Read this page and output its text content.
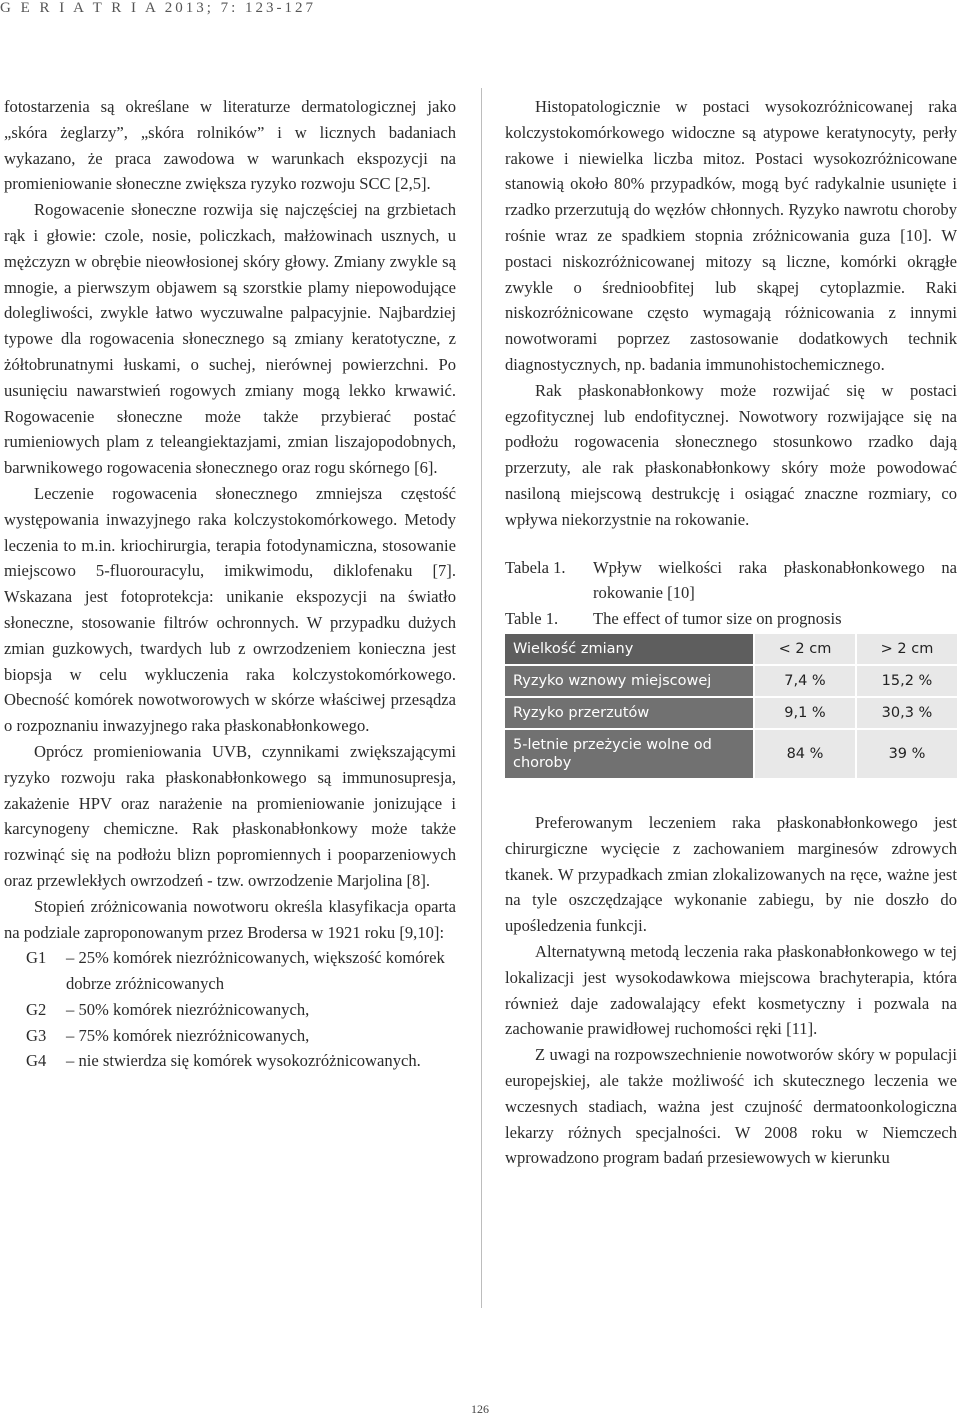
G E R I A T R I A 2013; 7: 123-127

fotostarzenia są określane w literaturze dermatologicznej jako „skóra żeglarzy”, „skóra rolników” i w licznych badaniach wykazano, że praca zawodowa w warunkach ekspozycji na promieniowanie słoneczne zwiększa ryzyko rozwoju SCC [2,5].

Rogowacenie słoneczne rozwija się najczęściej na grzbietach rąk i głowie: czole, nosie, policzkach, małżowinach usznych, u mężczyzn w obrębie nieowłosionej skóry głowy. Zmiany zwykle są mnogie, a pierwszym objawem są szorstkie plamy niepowodujące dolegliwości, zwykle łatwo wyczuwalne palpacyjnie. Najbardziej typowe dla rogowacenia słonecznego są zmiany keratotyczne, z żółtobrunatnymi łuskami, o suchej, nierównej powierzchni. Po usunięciu nawarstwień rogowych zmiany mogą lekko krwawić. Rogowacenie słoneczne może także przybierać postać rumieniowych plam z teleangiektazjami, zmian liszajopodobnych, barwnikowego rogowacenia słonecznego oraz rogu skórnego [6].

Leczenie rogowacenia słonecznego zmniejsza częstość występowania inwazyjnego raka kolczystokomórkowego. Metody leczenia to m.in. kriochirurgia, terapia fotodynamiczna, stosowanie miejscowo 5-fluorouracylu, imikwimodu, diklofenaku [7]. Wskazana jest fotoprotekcja: unikanie ekspozycji na światło słoneczne, stosowanie filtrów ochronnych. W przypadku dużych zmian guzkowych, twardych lub z owrzodzeniem konieczna jest biopsja w celu wykluczenia raka kolczystokomórkowego. Obecność komórek nowotworowych w skórze właściwej przesądza o rozpoznaniu inwazyjnego raka płaskonabłonkowego.

Oprócz promieniowania UVB, czynnikami zwiększającymi ryzyko rozwoju raka płaskonabłonkowego są immunosupresja, zakażenie HPV oraz narażenie na promieniowanie jonizujące i karcynogeny chemiczne. Rak płaskonabłonkowy może także rozwinąć się na podłożu blizn popromiennych i pooparzeniowych oraz przewlekłych owrzodzeń - tzw. owrzodzenie Marjolina [8].

Stopień zróżnicowania nowotworu określa klasyfikacja oparta na podziale zaproponowanym przez Brodersa w 1921 roku [9,10]:

G1	– 25% komórek niezróżnicowanych, większość komórek dobrze zróżnicowanych
G2	– 50% komórek niezróżnicowanych,
G3	– 75% komórek niezróżnicowanych,
G4	– nie stwierdza się komórek wysokozróżnicowanych.

Histopatologicznie w postaci wysokozróżnicowanej raka kolczystokomórkowego widoczne są atypowe keratynocyty, perły rakowe i niewielka liczba mitoz. Postaci wysokozróżnicowane stanowią około 80% przypadków, mogą być radykalnie usunięte i rzadko przerzutują do węzłów chłonnych. Ryzyko nawrotu choroby rośnie wraz ze spadkiem stopnia zróżnicowania guza [10]. W postaci niskozróżnicowanej mitozy są liczne, komórki okrągłe zwykle o średnioobfitej lub skąpej cytoplazmie. Raki niskozróżnicowane często wymagają różnicowania z innymi nowotworami poprzez zastosowanie dodatkowych technik diagnostycznych, np. badania immunohistochemicznego.

Rak płaskonabłonkowy może rozwijać się w postaci egzofitycznej lub endofitycznej. Nowotwory rozwijające się na podłożu rogowacenia słonecznego stosunkowo rzadko dają przerzuty, ale rak płaskonabłonkowy skóry może powodować nasiloną miejscową destrukcję i osiągać znaczne rozmiary, co wpływa niekorzystnie na rokowanie.

Tabela 1.	Wpływ wielkości raka płaskonabłonkowego na rokowanie [10]
Table 1.	The effect of tumor size on prognosis
Wielkość zmiany	< 2 cm	> 2 cm
Ryzyko wznowy miejscowej	7,4 %	15,2 %
Ryzyko przerzutów	9,1 %	30,3 %
5-letnie przeżycie wolne od choroby	84 %	39 %

Preferowanym leczeniem raka płaskonabłonkowego jest chirurgiczne wycięcie z zachowaniem marginesów zdrowych tkanek. W przypadkach zmian zlokalizowanych na ręce, ważne jest na tyle oszczędzające wykonanie zabiegu, by nie doszło do upośledzenia funkcji.

Alternatywną metodą leczenia raka płaskonabłonkowego w tej lokalizacji jest wysokodawkowa miejscowa brachyterapia, która również daje zadowalający efekt kosmetyczny i pozwala na zachowanie prawidłowej ruchomości ręki [11].

Z uwagi na rozpowszechnienie nowotworów skóry w populacji europejskiej, ale także możliwość ich skutecznego leczenia we wczesnych stadiach, ważna jest czujność dermatoonkologiczna lekarzy różnych specjalności. W 2008 roku w Niemczech wprowadzono program badań przesiewowych w kierunku

126
